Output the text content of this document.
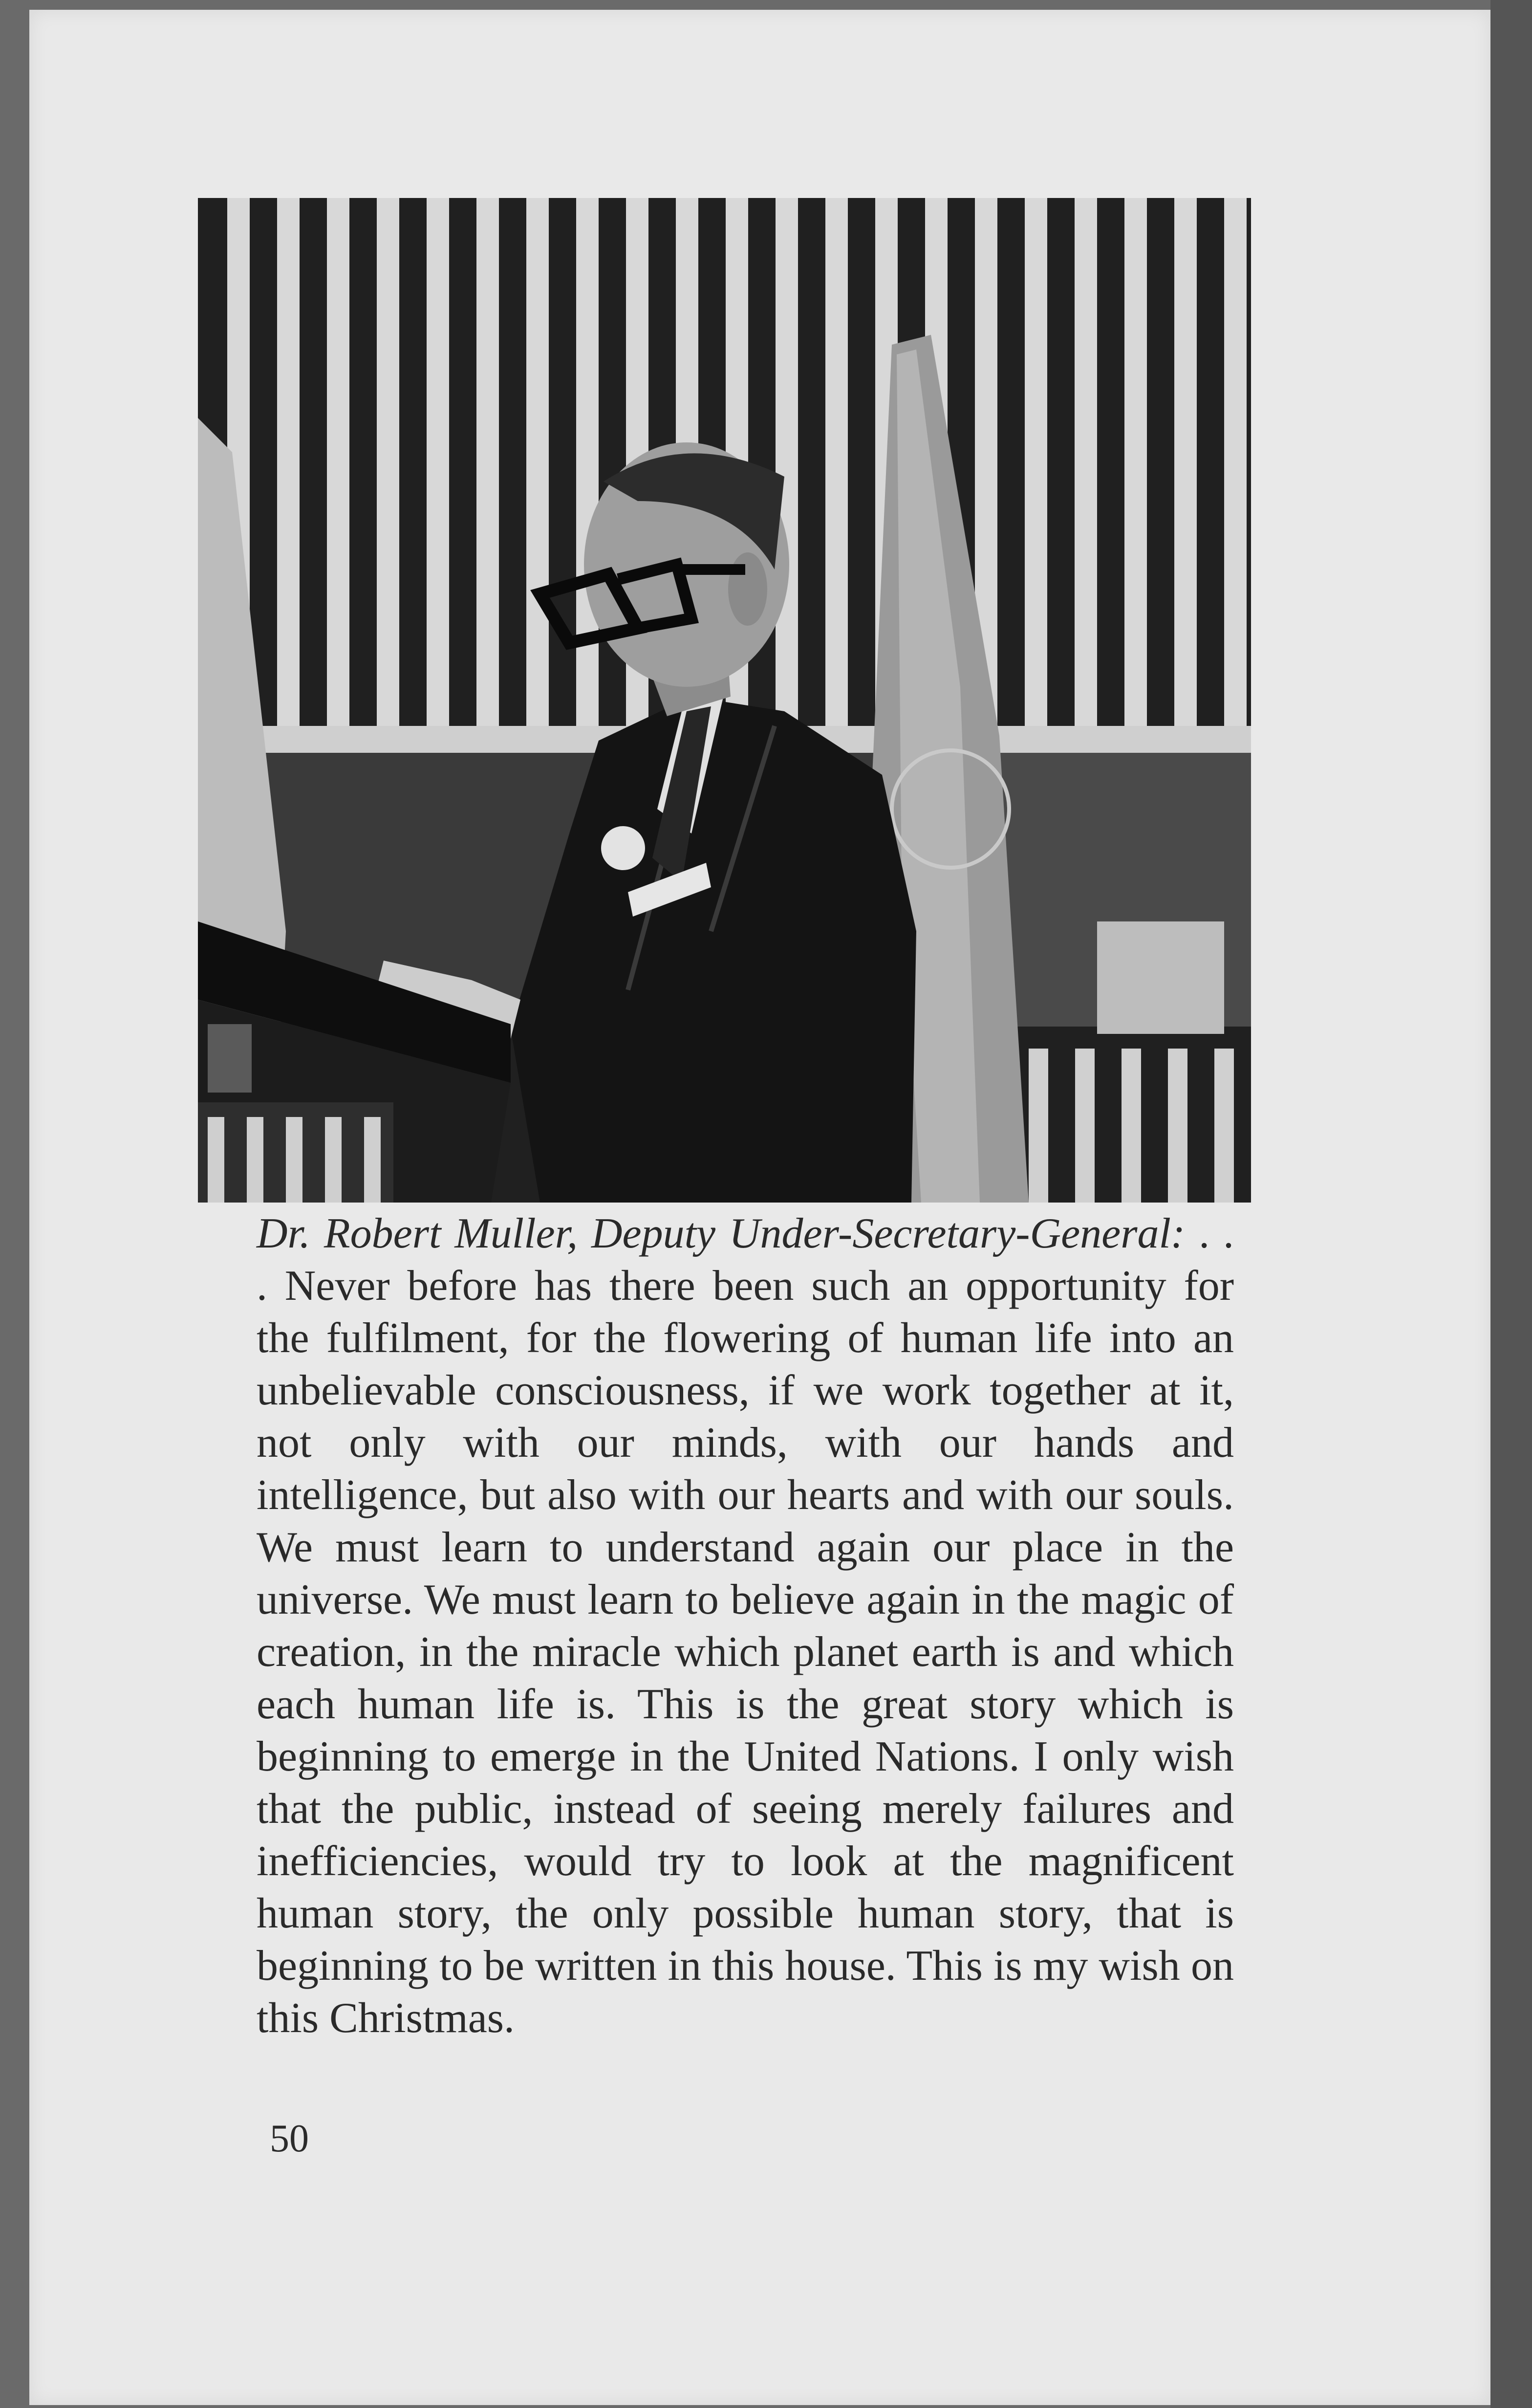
Dr. Robert Muller, Deputy Under-Secretary-General: . . . Never before has there been such an opportunity for the fulfilment, for the flowering of human life into an unbelievable consciousness, if we work together at it, not only with our minds, with our hands and intelligence, but also with our hearts and with our souls. We must learn to understand again our place in the universe. We must learn to believe again in the magic of creation, in the miracle which planet earth is and which each human life is. This is the great story which is beginning to emerge in the United Nations. I only wish that the public, instead of seeing merely failures and inefficiencies, would try to look at the magnificent human story, the only possible human story, that is beginning to be written in this house. This is my wish on this Christmas.

50
